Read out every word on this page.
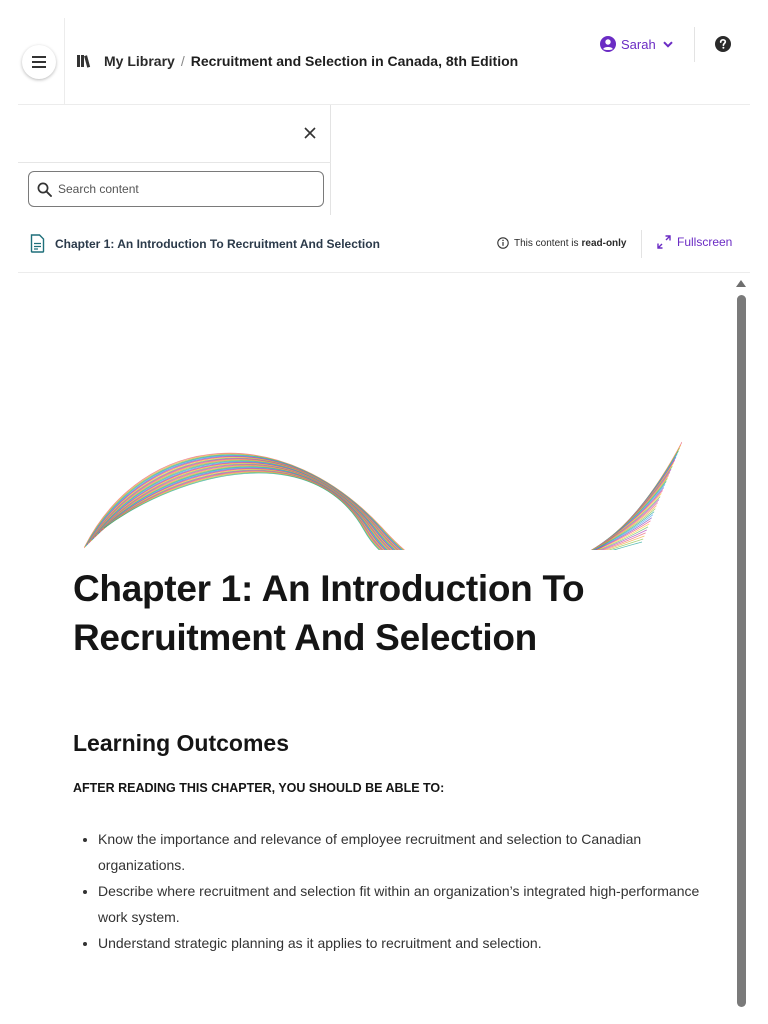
My Library / Recruitment and Selection in Canada, 8th Edition
Sarah
Search content
Chapter 1: An Introduction To Recruitment And Selection	This content is read-only	Fullscreen
Chapter 1: An Introduction To Recruitment And Selection
Learning Outcomes

AFTER READING THIS CHAPTER, YOU SHOULD BE ABLE TO:

• Know the importance and relevance of employee recruitment and selection to Canadian organizations.
• Describe where recruitment and selection fit within an organization’s integrated high-performance work system.
• Understand strategic planning as it applies to recruitment and selection.
